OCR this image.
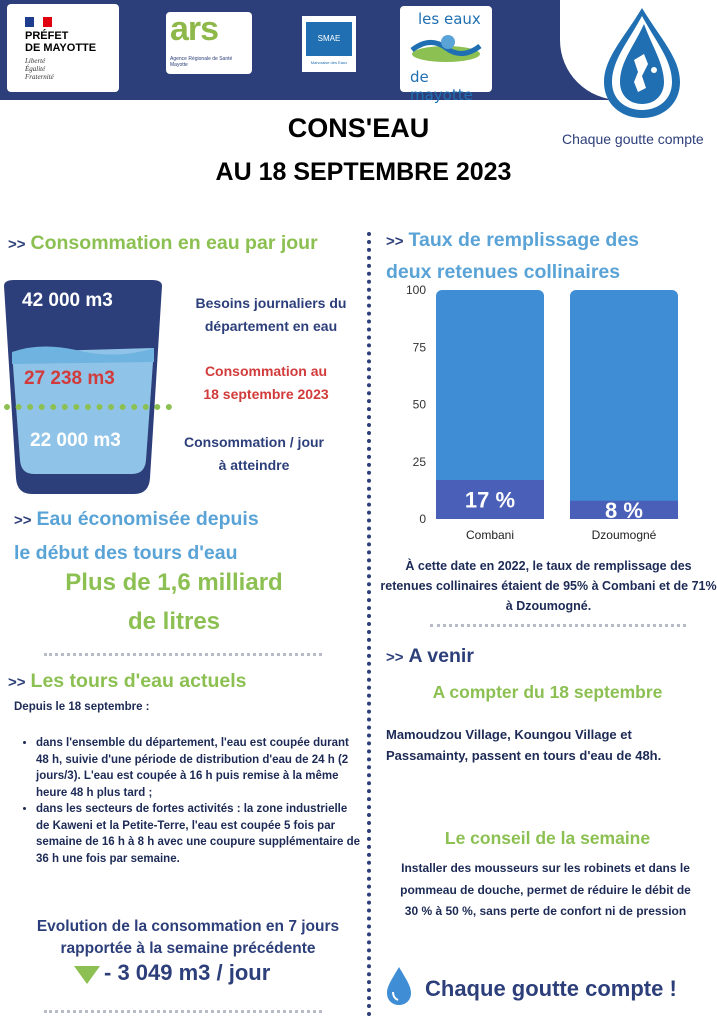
PRÉFET
DE MAYOTTE
Liberté
Égalité
Fraternité
ars
Agence Régionale de Santé Mayotte
SMAE
Mahoraise des Eaux
les eaux
de mayotte
Chaque goutte compte
CONS'EAU
AU 18 SEPTEMBRE 2023
>> Consommation en eau par jour
42 000 m3
27 238 m3
22 000 m3
Besoins journaliers du
département en eau
Consommation au
18 septembre 2023
Consommation / jour
à atteindre
>> Eau économisée depuis
le début des tours d'eau
Plus de 1,6 milliard
de litres
>> Les tours d'eau actuels
Depuis le 18 septembre :
• dans l'ensemble du département, l'eau est coupée durant 48 h, suivie d'une période de distribution d'eau de 24 h (2 jours/3). L'eau est coupée à 16 h puis remise à la même heure 48 h plus tard ;
• dans les secteurs de fortes activités : la zone industrielle de Kaweni et la Petite-Terre, l'eau est coupée 5 fois par semaine de 16 h à 8 h avec une coupure supplémentaire de 36 h une fois par semaine.
Evolution de la consommation en 7 jours
rapportée à la semaine précédente
- 3 049 m3 / jour
>> Taux de remplissage des
deux retenues collinaires
0
25
50
75
100
17 %
Combani
8 %
Dzoumogné
À cette date en 2022, le taux de remplissage des retenues collinaires étaient de 95% à Combani et de 71% à Dzoumogné.
>> A venir
A compter du 18 septembre
Mamoudzou Village, Koungou Village et Passamainty, passent en tours d'eau de 48h.
Le conseil de la semaine
Installer des mousseurs sur les robinets et dans le
pommeau de douche, permet de réduire le débit de
30 % à 50 %, sans perte de confort ni de pression
Chaque goutte compte !
